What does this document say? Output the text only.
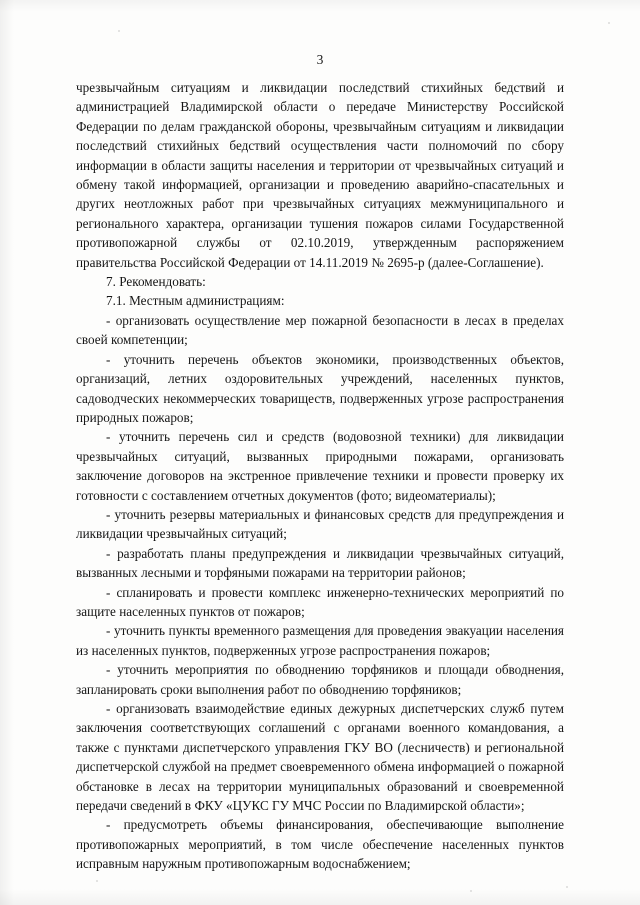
3

чрезвычайным ситуациям и ликвидации последствий стихийных бедствий и администрацией Владимирской области о передаче Министерству Российской Федерации по делам гражданской обороны, чрезвычайным ситуациям и ликвидации последствий стихийных бедствий осуществления части полномочий по сбору информации в области защиты населения и территории от чрезвычайных ситуаций и обмену такой информацией, организации и проведению аварийно-спасательных и других неотложных работ при чрезвычайных ситуациях межмуниципального и регионального характера, организации тушения пожаров силами Государственной противопожарной службы от 02.10.2019, утвержденным распоряжением правительства Российской Федерации от 14.11.2019 № 2695-р (далее-Соглашение).

7. Рекомендовать:

7.1. Местным администрациям:

- организовать осуществление мер пожарной безопасности в лесах в пределах своей компетенции;

- уточнить перечень объектов экономики, производственных объектов, организаций, летних оздоровительных учреждений, населенных пунктов, садоводческих некоммерческих товариществ, подверженных угрозе распространения природных пожаров;

- уточнить перечень сил и средств (водовозной техники) для ликвидации чрезвычайных ситуаций, вызванных природными пожарами, организовать заключение договоров на экстренное привлечение техники и провести проверку их готовности с составлением отчетных документов (фото; видеоматериалы);

- уточнить резервы материальных и финансовых средств для предупреждения и ликвидации чрезвычайных ситуаций;

- разработать планы предупреждения и ликвидации чрезвычайных ситуаций, вызванных лесными и торфяными пожарами на территории районов;

- спланировать и провести комплекс инженерно-технических мероприятий по защите населенных пунктов от пожаров;

- уточнить пункты временного размещения для проведения эвакуации населения из населенных пунктов, подверженных угрозе распространения пожаров;

- уточнить мероприятия по обводнению торфяников и площади обводнения, запланировать сроки выполнения работ по обводнению торфяников;

- организовать взаимодействие единых дежурных диспетчерских служб путем заключения соответствующих соглашений с органами военного командования, а также с пунктами диспетчерского управления ГКУ ВО (лесничеств) и региональной диспетчерской службой на предмет своевременного обмена информацией о пожарной обстановке в лесах на территории муниципальных образований и своевременной передачи сведений в ФКУ «ЦУКС ГУ МЧС России по Владимирской области»;

- предусмотреть объемы финансирования, обеспечивающие выполнение противопожарных мероприятий, в том числе обеспечение населенных пунктов исправным наружным противопожарным водоснабжением;
